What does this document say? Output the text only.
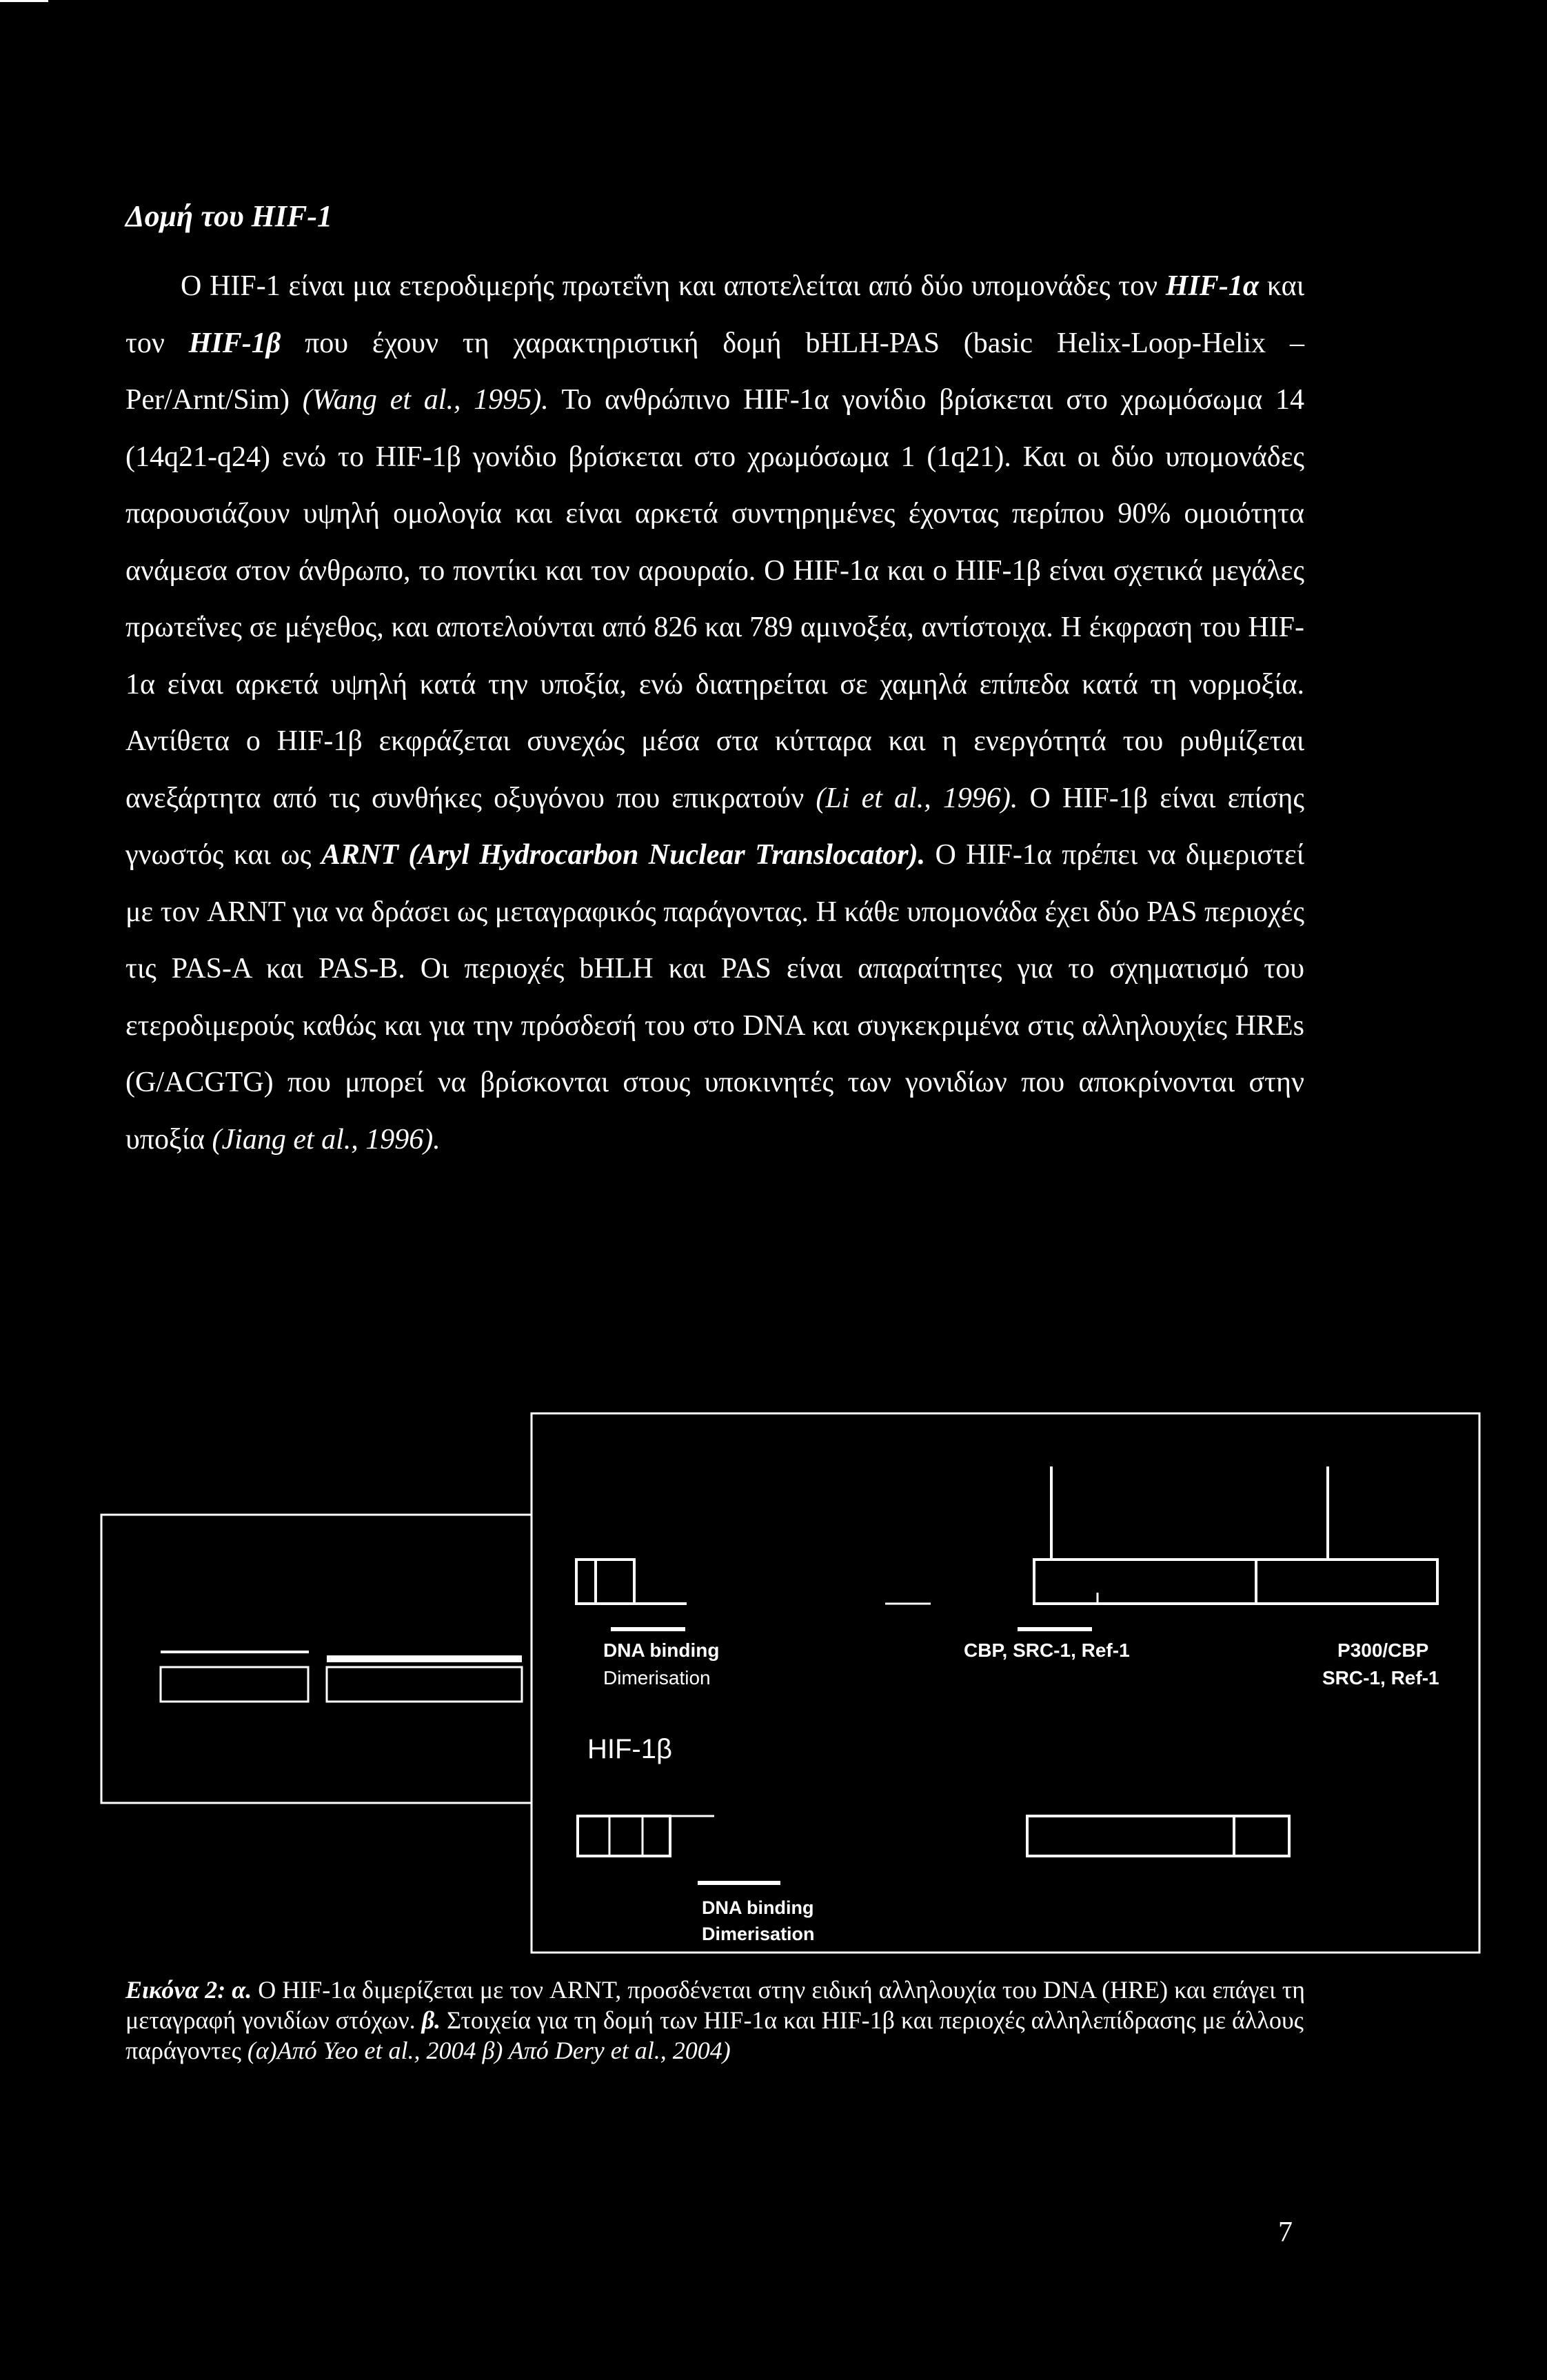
Δομή του HIF-1

Ο HIF-1 είναι μια ετεροδιμερής πρωτεΐνη και αποτελείται από δύο υπομονάδες τον HIF-1α και τον HIF-1β που έχουν τη χαρακτηριστική δομή bHLH-PAS (basic Helix-Loop-Helix – Per/Arnt/Sim) (Wang et al., 1995). Το ανθρώπινο HIF-1α γονίδιο βρίσκεται στο χρωμόσωμα 14 (14q21-q24) ενώ το HIF-1β γονίδιο βρίσκεται στο χρωμόσωμα 1 (1q21). Και οι δύο υπομονάδες παρουσιάζουν υψηλή ομολογία και είναι αρκετά συντηρημένες έχοντας περίπου 90% ομοιότητα ανάμεσα στον άνθρωπο, το ποντίκι και τον αρουραίο. Ο HIF-1α και ο HIF-1β είναι σχετικά μεγάλες πρωτεΐνες σε μέγεθος, και αποτελούνται από 826 και 789 αμινοξέα, αντίστοιχα. Η έκφραση του HIF-1α είναι αρκετά υψηλή κατά την υποξία, ενώ διατηρείται σε χαμηλά επίπεδα κατά τη νορμοξία. Αντίθετα ο HIF-1β εκφράζεται συνεχώς μέσα στα κύτταρα και η ενεργότητά του ρυθμίζεται ανεξάρτητα από τις συνθήκες οξυγόνου που επικρατούν (Li et al., 1996). Ο HIF-1β είναι επίσης γνωστός και ως ARNT (Aryl Hydrocarbon Nuclear Translocator). Ο HIF-1α πρέπει να διμεριστεί με τον ARNT για να δράσει ως μεταγραφικός παράγοντας. Η κάθε υπομονάδα έχει δύο PAS περιοχές τις PAS-A και PAS-B. Οι περιοχές bHLH και PAS είναι απαραίτητες για το σχηματισμό του ετεροδιμερούς καθώς και για την πρόσδεσή του στο DNA και συγκεκριμένα στις αλληλουχίες HREs (G/ACGTG) που μπορεί να βρίσκονται στους υποκινητές των γονιδίων που αποκρίνονται στην υποξία (Jiang et al., 1996).

DNA binding
Dimerisation
CBP, SRC-1, Ref-1	P300/CBP
SRC-1, Ref-1
HIF-1β
DNA binding
Dimerisation

Εικόνα 2: α. Ο HIF-1α διμερίζεται με τον ARNT, προσδένεται στην ειδική αλληλουχία του DNA (HRE) και επάγει τη μεταγραφή γονιδίων στόχων. β. Στοιχεία για τη δομή των HIF-1α και HIF-1β και περιοχές αλληλεπίδρασης με άλλους παράγοντες (α)Από Yeo et al., 2004 β) Από Dery et al., 2004)

7
